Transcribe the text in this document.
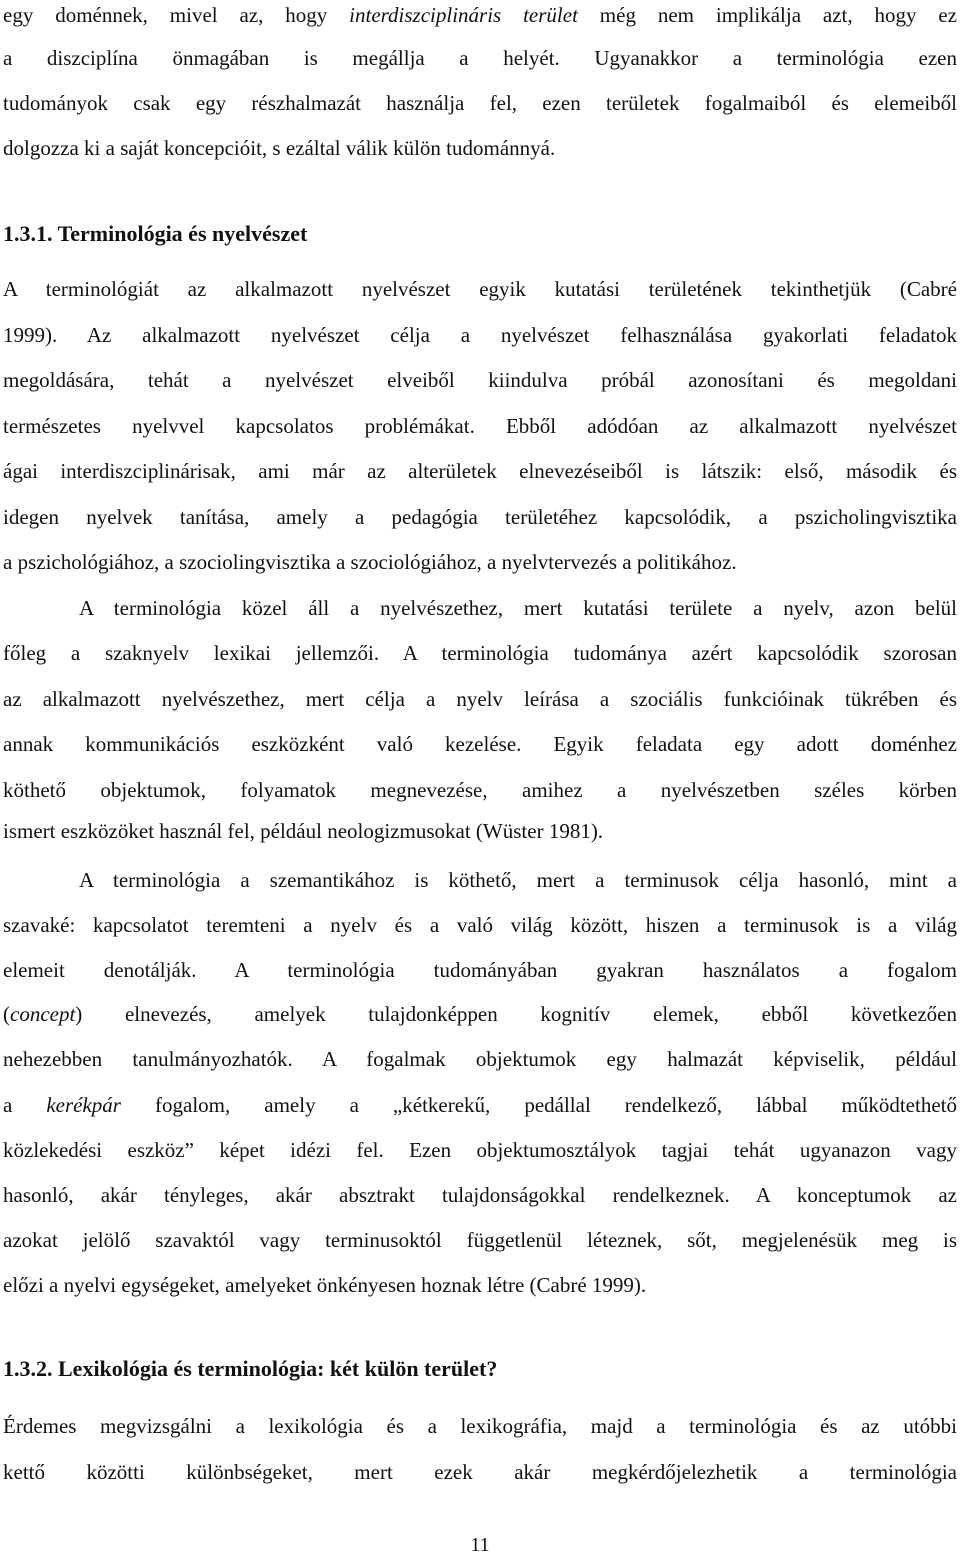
egy doménnek, mivel az, hogy interdiszciplináris terület még nem implikálja azt, hogy ez
a diszciplína önmagában is megállja a helyét. Ugyanakkor a terminológia ezen
tudományok csak egy részhalmazát használja fel, ezen területek fogalmaiból és elemeiből
dolgozza ki a saját koncepcióit, s ezáltal válik külön tudománnyá.
1.3.1. Terminológia és nyelvészet
A terminológiát az alkalmazott nyelvészet egyik kutatási területének tekinthetjük (Cabré
1999). Az alkalmazott nyelvészet célja a nyelvészet felhasználása gyakorlati feladatok
megoldására, tehát a nyelvészet elveiből kiindulva próbál azonosítani és megoldani
természetes nyelvvel kapcsolatos problémákat. Ebből adódóan az alkalmazott nyelvészet
ágai interdiszciplinárisak, ami már az alterületek elnevezéseiből is látszik: első, második és
idegen nyelvek tanítása, amely a pedagógia területéhez kapcsolódik, a pszicholingvisztika
a pszichológiához, a szociolingvisztika a szociológiához, a nyelvtervezés a politikához.
A terminológia közel áll a nyelvészethez, mert kutatási területe a nyelv, azon belül
főleg a szaknyelv lexikai jellemzői. A terminológia tudománya azért kapcsolódik szorosan
az alkalmazott nyelvészethez, mert célja a nyelv leírása a szociális funkcióinak tükrében és
annak kommunikációs eszközként való kezelése. Egyik feladata egy adott doménhez
köthető objektumok, folyamatok megnevezése, amihez a nyelvészetben széles körben
ismert eszközöket használ fel, például neologizmusokat (Wüster 1981).
A terminológia a szemantikához is köthető, mert a terminusok célja hasonló, mint a
szavaké: kapcsolatot teremteni a nyelv és a való világ között, hiszen a terminusok is a világ
elemeit denotálják. A terminológia tudományában gyakran használatos a fogalom
(concept) elnevezés, amelyek tulajdonképpen kognitív elemek, ebből következően
nehezebben tanulmányozhatók. A fogalmak objektumok egy halmazát képviselik, például
a kerékpár fogalom, amely a „kétkerekű, pedállal rendelkező, lábbal működtethető
közlekedési eszköz” képet idézi fel. Ezen objektumosztályok tagjai tehát ugyanazon vagy
hasonló, akár tényleges, akár absztrakt tulajdonságokkal rendelkeznek. A konceptumok az
azokat jelölő szavaktól vagy terminusoktól függetlenül léteznek, sőt, megjelenésük meg is
előzi a nyelvi egységeket, amelyeket önkényesen hoznak létre (Cabré 1999).
1.3.2. Lexikológia és terminológia: két külön terület?
Érdemes megvizsgálni a lexikológia és a lexikográfia, majd a terminológia és az utóbbi
kettő közötti különbségeket, mert ezek akár megkérdőjelezhetik a terminológia
11
